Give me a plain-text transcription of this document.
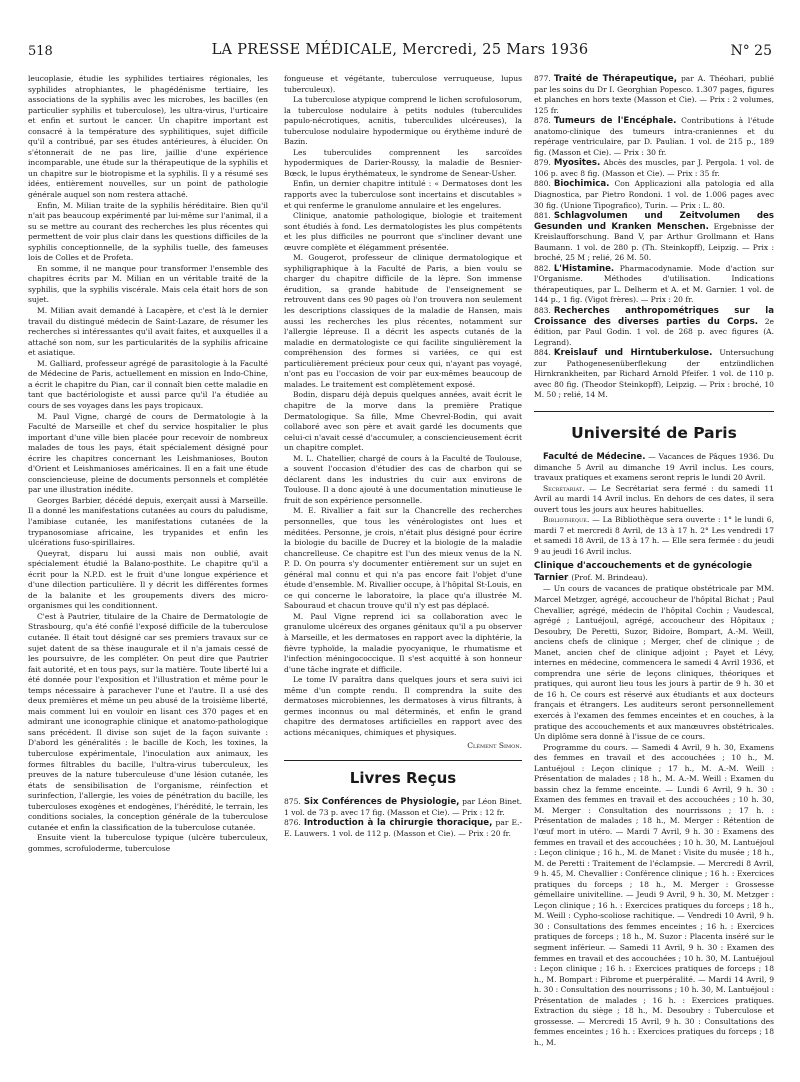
518	LA PRESSE MÉDICALE, Mercredi, 25 Mars 1936	N° 25

leucoplasie, étudie les syphilides tertiaires régionales, les syphilides atrophiantes, le phagédénisme tertiaire, les associations de la syphilis avec les microbes, les bacilles (en particulier syphilis et tuberculose), les ultra-virus, l'urticaire et enfin et surtout le cancer. Un chapitre important est consacré à la température des syphilitiques, sujet difficile qu'il a contribué, par ses études antérieures, à élucider. On s'étonnerait de ne pas lire, jaillie d'une expérience incomparable, une étude sur la thérapeutique de la syphilis et un chapitre sur le biotropisme et la syphilis. Il y a résumé ses idées, entièrement nouvelles, sur un point de pathologie générale auquel son nom restera attaché.

Enfin, M. Milian traite de la syphilis héréditaire. Bien qu'il n'ait pas beaucoup expérimenté par lui-même sur l'animal, il a su se mettre au courant des recherches les plus récentes qui permettent de voir plus clair dans les questions difficiles de la syphilis conceptionnelle, de la syphilis tuelle, des fameuses lois de Colles et de Profeta.

En somme, il ne manque pour transformer l'ensemble des chapitres écrits par M. Milian en un véritable traité de la syphilis, que la syphilis viscérale. Mais cela était hors de son sujet.

M. Milian avait demandé à Lacapère, et c'est là le dernier travail du distingué médecin de Saint-Lazare, de résumer les recherches si intéressantes qu'il avait faites, et auxquelles il a attaché son nom, sur les particularités de la syphilis africaine et asiatique.

M. Galliard, professeur agrégé de parasitologie à la Faculté de Médecine de Paris, actuellement en mission en Indo-Chine, a écrit le chapitre du Pian, car il connaît bien cette maladie en tant que bactériologiste et aussi parce qu'il l'a étudiée au cours de ses voyages dans les pays tropicaux.

M. Paul Vigne, chargé de cours de Dermatologie à la Faculté de Marseille et chef du service hospitalier le plus important d'une ville bien placée pour recevoir de nombreux malades de tous les pays, était spécialement désigné pour écrire les chapitres concernant les Leishmanioses, Bouton d'Orient et Leishmanioses américaines. Il en a fait une étude consciencieuse, pleine de documents personnels et complétée par une illustration inédite.

Georges Barbier, décédé depuis, exerçait aussi à Marseille. Il a donné les manifestations cutanées au cours du paludisme, l'amibiase cutanée, les manifestations cutanées de la trypanosomiase africaine, les trypanides et enfin les ulcérations fuso-spirillaires.

Queyrat, disparu lui aussi mais non oublié, avait spécialement étudié la Balano-posthite. Le chapitre qu'il a écrit pour la N.P.D. est le fruit d'une longue expérience et d'une dilection particulière. Il y décrit les différentes formes de la balanite et les groupements divers des micro-organismes qui les conditionnent.

C'est à Pautrier, titulaire de la Chaire de Dermatologie de Strasbourg, qu'a été confié l'exposé difficile de la tuberculose cutanée. Il était tout désigné car ses premiers travaux sur ce sujet datent de sa thèse inaugurale et il n'a jamais cessé de les poursuivre, de les compléter. On peut dire que Pautrier fait autorité, et en tous pays, sur la matière. Toute liberté lui a été donnée pour l'exposition et l'illustration et même pour le temps nécessaire à parachever l'une et l'autre. Il a usé des deux premières et même un peu abusé de la troisième liberté, mais comment lui en vouloir en lisant ces 370 pages et en admirant une iconographie clinique et anatomo-pathologique sans précédent. Il divise son sujet de la façon suivante : D'abord les généralités : le bacille de Koch, les toxines, la tuberculose expérimentale, l'inoculation aux animaux, les formes filtrables du bacille, l'ultra-virus tuberculeux, les preuves de la nature tuberculeuse d'une lésion cutanée, les états de sensibilisation de l'organisme, réinfection et surinfection, l'allergie, les voies de pénétration du bacille, les tuberculoses exogènes et endogènes, l'hérédité, le terrain, les conditions sociales, la conception générale de la tuberculose cutanée et enfin la classification de la tuberculose cutanée.

Ensuite vient la tuberculose typique (ulcère tuberculeux, gommes, scrofuloderme, tuberculose

fongueuse et végétante, tuberculose verruqueuse, lupus tuberculeux).

La tuberculose atypique comprend le lichen scrofulosorum, la tuberculose nodulaire à petits nodules (tuberculides papulo-nécrotiques, acnitis, tuberculides ulcéreuses), la tuberculose nodulaire hypodermique ou érythème induré de Bazin.

Les tuberculides comprennent les sarcoïdes hypodermiques de Darier-Roussy, la maladie de Besnier-Bœck, le lupus érythémateux, le syndrome de Senear-Usher.

Enfin, un dernier chapitre intitulé : « Dermatoses dont les rapports avec la tuberculose sont incertains et discutables » et qui renferme le granulome annulaire et les engelures.

Clinique, anatomie pathologique, biologie et traitement sont étudiés à fond. Les dermatologistes les plus compétents et les plus difficiles ne pourront que s'incliner devant une œuvre complète et élégamment présentée.

M. Gougerot, professeur de clinique dermatologique et syphiligraphique à la Faculté de Paris, a bien voulu se charger du chapitre difficile de la lèpre. Son immense érudition, sa grande habitude de l'enseignement se retrouvent dans ces 90 pages où l'on trouvera non seulement les descriptions classiques de la maladie de Hansen, mais aussi les recherches les plus récentes, notamment sur l'allergie lépreuse. Il a décrit les aspects cutanés de la maladie en dermatologiste ce qui facilite singulièrement la compréhension des formes si variées, ce qui est particulièrement précieux pour ceux qui, n'ayant pas voyagé, n'ont pas eu l'occasion de voir par eux-mêmes beaucoup de malades. Le traitement est complètement exposé.

Bodin, disparu déjà depuis quelques années, avait écrit le chapitre de la morve dans la première Pratique Dermatologique. Sa fille, Mme Chevrel-Bodin, qui avait collaboré avec son père et avait gardé les documents que celui-ci n'avait cessé d'accumuler, a consciencieusement écrit un chapitre complet.

M. L. Chatellier, chargé de cours à la Faculté de Toulouse, a souvent l'occasion d'étudier des cas de charbon qui se déclarent dans les industries du cuir aux environs de Toulouse. Il a donc ajouté à une documentation minutieuse le fruit de son expérience personnelle.

M. E. Rivallier a fait sur la Chancrelle des recherches personnelles, que tous les vénérologistes ont lues et méditées. Personne, je crois, n'était plus désigné pour écrire la biologie du bacille de Ducrey et la biologie de la maladie chancrelleuse. Ce chapitre est l'un des mieux venus de la N. P. D. On pourra s'y documenter entièrement sur un sujet en général mal connu et qui n'a pas encore fait l'objet d'une étude d'ensemble. M. Rivallier occupe, à l'hôpital St-Louis, en ce qui concerne le laboratoire, la place qu'a illustrée M. Sabouraud et chacun trouve qu'il n'y est pas déplacé.

M. Paul Vigne reprend ici sa collaboration avec le granulome ulcéreux des organes génitaux qu'il a pu observer à Marseille, et les dermatoses en rapport avec la diphtérie, la fièvre typhoïde, la maladie pyocyanique, le rhumatisme et l'infection méningococcique. Il s'est acquitté à son honneur d'une tâche ingrate et difficile.

Le tome IV paraîtra dans quelques jours et sera suivi ici même d'un compte rendu. Il comprendra la suite des dermatoses microbiennes, les dermatoses à virus filtrants, à germes inconnus ou mal déterminés, et enfin le grand chapitre des dermatoses artificielles en rapport avec des actions mécaniques, chimiques et physiques.

Clément Simon.

Livres Reçus

875. Six Conférences de Physiologie, par Léon Binet. 1 vol. de 73 p. avec 17 fig. (Masson et Cie). — Prix : 12 fr.

876. Introduction à la chirurgie thoracique, par E.-E. Lauwers. 1 vol. de 112 p. (Masson et Cie). — Prix : 20 fr.

877. Traité de Thérapeutique, par A. Théohari, publié par les soins du Dr I. Georghian Popesco. 1.307 pages, figures et planches en hors texte (Masson et Cie). — Prix : 2 volumes, 125 fr.

878. Tumeurs de l'Encéphale. Contributions à l'étude anatomo-clinique des tumeurs intra-craniennes et du repérage ventriculaire, par D. Paulian. 1 vol. de 215 p., 189 fig. (Masson et Cie). — Prix : 30 fr.

879. Myosites. Abcès des muscles, par J. Pergola. 1 vol. de 106 p. avec 8 fig. (Masson et Cie). — Prix : 35 fr.

880. Biochimica. Con Applicazioni alla patologia ed alla Diagnostica, par Pietro Rondoni. 1 vol. de 1.006 pages avec 30 fig. (Unione Tipografico), Turin. — Prix : L. 80.

881. Schlagvolumen und Zeitvolumen des Gesunden und Kranken Menschen. Ergebnisse der Kreislaufforschung. Band V, par Arthur Grollmann et Hans Baumann. 1 vol. de 280 p. (Th. Steinkopff), Leipzig. — Prix : broché, 25 M ; relié, 26 M. 50.

882. L'Histamine. Pharmacodynamie. Mode d'action sur l'Organisme. Méthodes d'utilisation. Indications thérapeutiques, par L. Delherm et A. et M. Garnier. 1 vol. de 144 p., 1 fig. (Vigot frères). — Prix : 20 fr.

883. Recherches anthropométriques sur la Croissance des diverses parties du Corps. 2e édition, par Paul Godin. 1 vol. de 268 p. avec figures (A. Legrand).

884. Kreislauf und Hirntuberkulose. Untersuchung zur Pathogenesenüberflekung der entzündlichen Hirnkrankheiten, par Richard Arnold Pfeifer. 1 vol. de 110 p. avec 80 fig. (Theodor Steinkopff), Leipzig. — Prix : broché, 10 M. 50 ; relié, 14 M.

Université de Paris

Faculté de Médecine. — Vacances de Pâques 1936. Du dimanche 5 Avril au dimanche 19 Avril inclus. Les cours, travaux pratiques et examens seront repris le lundi 20 Avril.

Secrétariat. — Le Secrétariat sera fermé : du samedi 11 Avril au mardi 14 Avril inclus. En dehors de ces dates, il sera ouvert tous les jours aux heures habituelles.

Bibliothèque. — La Bibliothèque sera ouverte : 1° le lundi 6, mardi 7 et mercredi 8 Avril, de 13 à 17 h. 2° Les vendredi 17 et samedi 18 Avril, de 13 à 17 h. — Elle sera fermée : du jeudi 9 au jeudi 16 Avril inclus.

Clinique d'accouchements et de gynécologie Tarnier (Prof. M. Brindeau).

— Un cours de vacances de pratique obstétricale par MM. Marcel Metzger, agrégé, accoucheur de l'hôpital Bichat ; Paul Chevallier, agrégé, médecin de l'hôpital Cochin ; Vaudescal, agrégé ; Lantuéjoul, agrégé, accoucheur des Hôpitaux ; Desoubry, De Peretti, Suzor, Bidoire, Bompart, A.-M. Weill, anciens chefs de clinique ; Merger, chef de clinique ; de Manet, ancien chef de clinique adjoint ; Payet et Lévy, internes en médecine, commencera le samedi 4 Avril 1936, et comprendra une série de leçons cliniques, théoriques et pratiques, qui auront lieu tous les jours à partir de 9 h. 30 et de 16 h. Ce cours est réservé aux étudiants et aux docteurs français et étrangers. Les auditeurs seront personnellement exercés à l'examen des femmes enceintes et en couches, à la pratique des accouchements et aux manœuvres obstétricales. Un diplôme sera donné à l'issue de ce cours.

Programme du cours. — Samedi 4 Avril, 9 h. 30, Examens des femmes en travail et des accouchées ; 10 h., M. Lantuéjoul : Leçon clinique ; 17 h., M. A.-M. Weill : Présentation de malades ; 18 h., M. A.-M. Weill : Examen du bassin chez la femme enceinte. — Lundi 6 Avril, 9 h. 30 : Examen des femmes en travail et des accouchées ; 10 h. 30, M. Merger : Consultation des nourrissons ; 17 h. : Présentation de malades ; 18 h., M. Merger : Rétention de l'œuf mort in utéro. — Mardi 7 Avril, 9 h. 30 : Examens des femmes en travail et des accouchées ; 10 h. 30, M. Lantuéjoul : Leçon clinique ; 16 h., M. de Manet : Visite du musée ; 18 h., M. de Peretti : Traitement de l'éclampsie. — Mercredi 8 Avril, 9 h. 45, M. Chevallier : Conférence clinique ; 16 h. : Exercices pratiques du forceps ; 18 h., M. Merger : Grossesse gémellaire univitelline. — Jeudi 9 Avril, 9 h. 30, M. Metzger : Leçon clinique ; 16 h. : Exercices pratiques du forceps ; 18 h., M. Weill : Cypho-scoliose rachitique. — Vendredi 10 Avril, 9 h. 30 : Consultations des femmes enceintes ; 16 h. : Exercices pratiques de forceps ; 18 h., M. Suzor : Placenta inséré sur le segment inférieur. — Samedi 11 Avril, 9 h. 30 : Examen des femmes en travail et des accouchées ; 10 h. 30, M. Lantuéjoul : Leçon clinique ; 16 h. : Exercices pratiques de forceps ; 18 h., M. Bompart : Fibrome et puerpéralité. — Mardi 14 Avril, 9 h. 30 : Consultation des nourrissons ; 10 h. 30, M. Lantuéjoul : Présentation de malades ; 16 h. : Exercices pratiques. Extraction du siège ; 18 h., M. Desoubry : Tuberculose et grossesse. — Mercredi 15 Avril, 9 h. 30 : Consultations des femmes enceintes ; 16 h. : Exercices pratiques du forceps ; 18 h., M.
